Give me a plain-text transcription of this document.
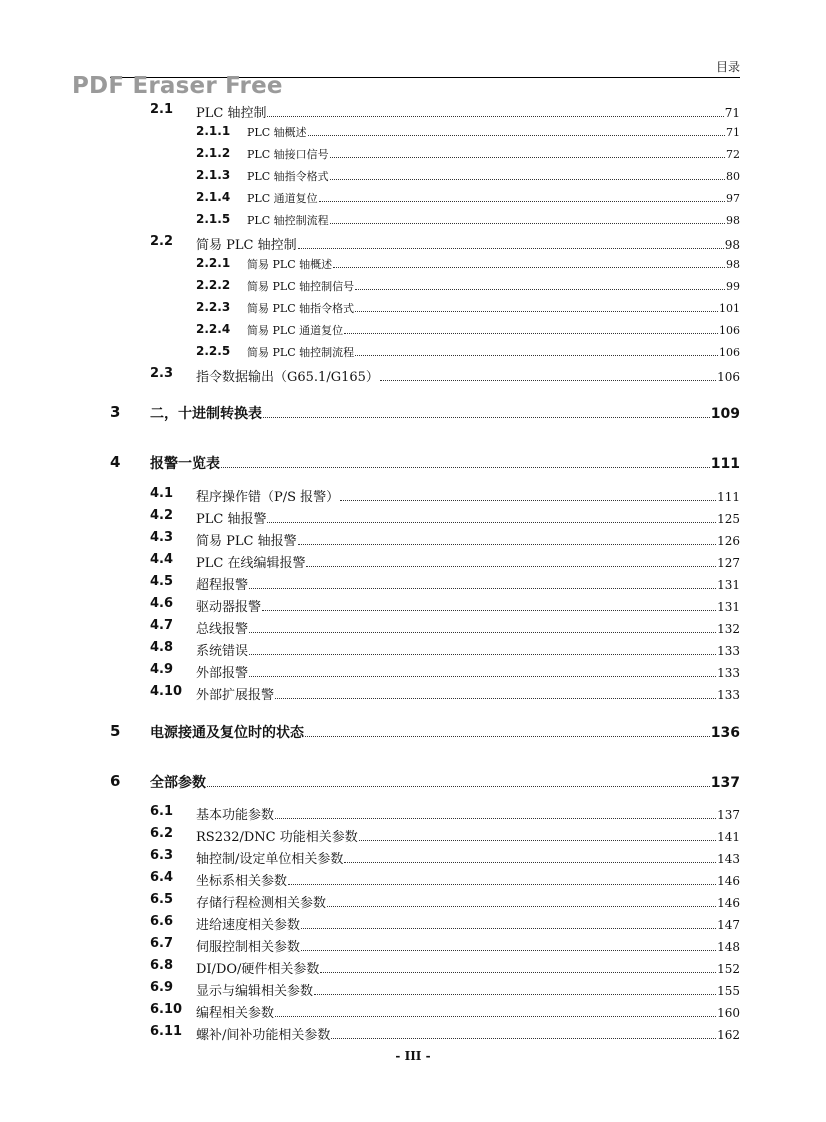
目录
PDF Eraser Free
2.1 PLC 轴控制	71
2.1.1 PLC 轴概述	71
2.1.2 PLC 轴接口信号	72
2.1.3 PLC 轴指令格式	80
2.1.4 PLC 通道复位	97
2.1.5 PLC 轴控制流程	98
2.2 简易 PLC 轴控制	98
2.2.1 简易 PLC 轴概述	98
2.2.2 简易 PLC 轴控制信号	99
2.2.3 简易 PLC 轴指令格式	101
2.2.4 简易 PLC 通道复位	106
2.2.5 简易 PLC 轴控制流程	106
2.3 指令数据输出（G65.1/G165）	106
3 二，十进制转换表	109
4 报警一览表	111
4.1 程序操作错（P/S 报警）	111
4.2 PLC 轴报警	125
4.3 简易 PLC 轴报警	126
4.4 PLC 在线编辑报警	127
4.5 超程报警	131
4.6 驱动器报警	131
4.7 总线报警	132
4.8 系统错误	133
4.9 外部报警	133
4.10 外部扩展报警	133
5 电源接通及复位时的状态	136
6 全部参数	137
6.1 基本功能参数	137
6.2 RS232/DNC 功能相关参数	141
6.3 轴控制/设定单位相关参数	143
6.4 坐标系相关参数	146
6.5 存储行程检测相关参数	146
6.6 进给速度相关参数	147
6.7 伺服控制相关参数	148
6.8 DI/DO/硬件相关参数	152
6.9 显示与编辑相关参数	155
6.10 编程相关参数	160
6.11 螺补/间补功能相关参数	162
- III -
